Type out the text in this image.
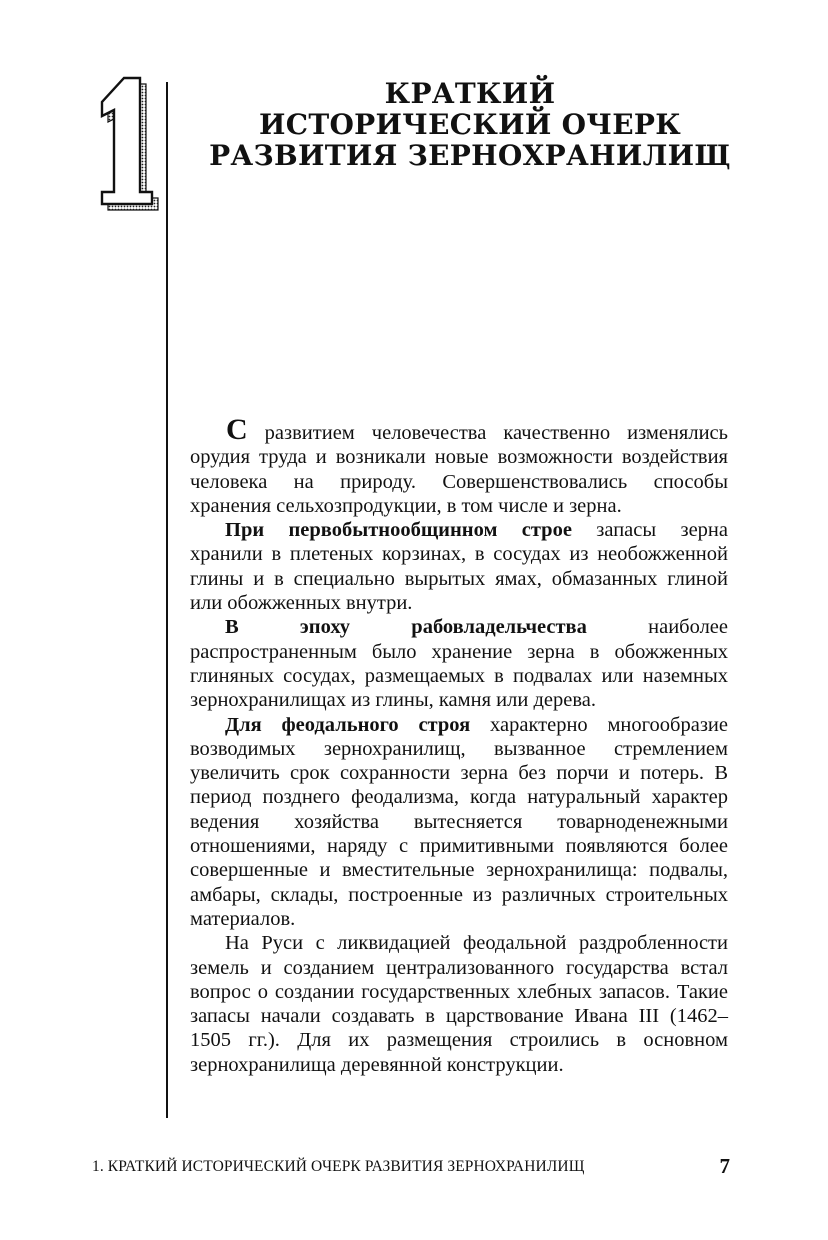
КРАТКИЙ
ИСТОРИЧЕСКИЙ ОЧЕРК
РАЗВИТИЯ ЗЕРНОХРАНИЛИЩ

С развитием человечества качественно изменялись орудия труда и возникали новые возможности воздействия человека на природу. Совершенствовались способы хранения сельхозпродукции, в том числе и зерна.

При первобытнообщинном строе запасы зерна хранили в плетеных корзинах, в сосудах из необожженной глины и в специально вырытых ямах, обмазанных глиной или обожженных внутри.

В эпоху рабовладельчества наиболее распространенным было хранение зерна в обожженных глиняных сосудах, размещаемых в подвалах или наземных зернохранилищах из глины, камня или дерева.

Для феодального строя характерно многообразие возводимых зернохранилищ, вызванное стремлением увеличить срок сохранности зерна без порчи и потерь. В период позднего феодализма, когда натуральный характер ведения хозяйства вытесняется товарноденежными отношениями, наряду с примитивными появляются более совершенные и вместительные зернохранилища: подвалы, амбары, склады, построенные из различных строительных материалов.

На Руси с ликвидацией феодальной раздробленности земель и созданием централизованного государства встал вопрос о создании государственных хлебных запасов. Такие запасы начали создавать в царствование Ивана III (1462–1505 гг.). Для их размещения строились в основном зернохранилища деревянной конструкции.

1. КРАТКИЙ ИСТОРИЧЕСКИЙ ОЧЕРК РАЗВИТИЯ ЗЕРНОХРАНИЛИЩ	7
